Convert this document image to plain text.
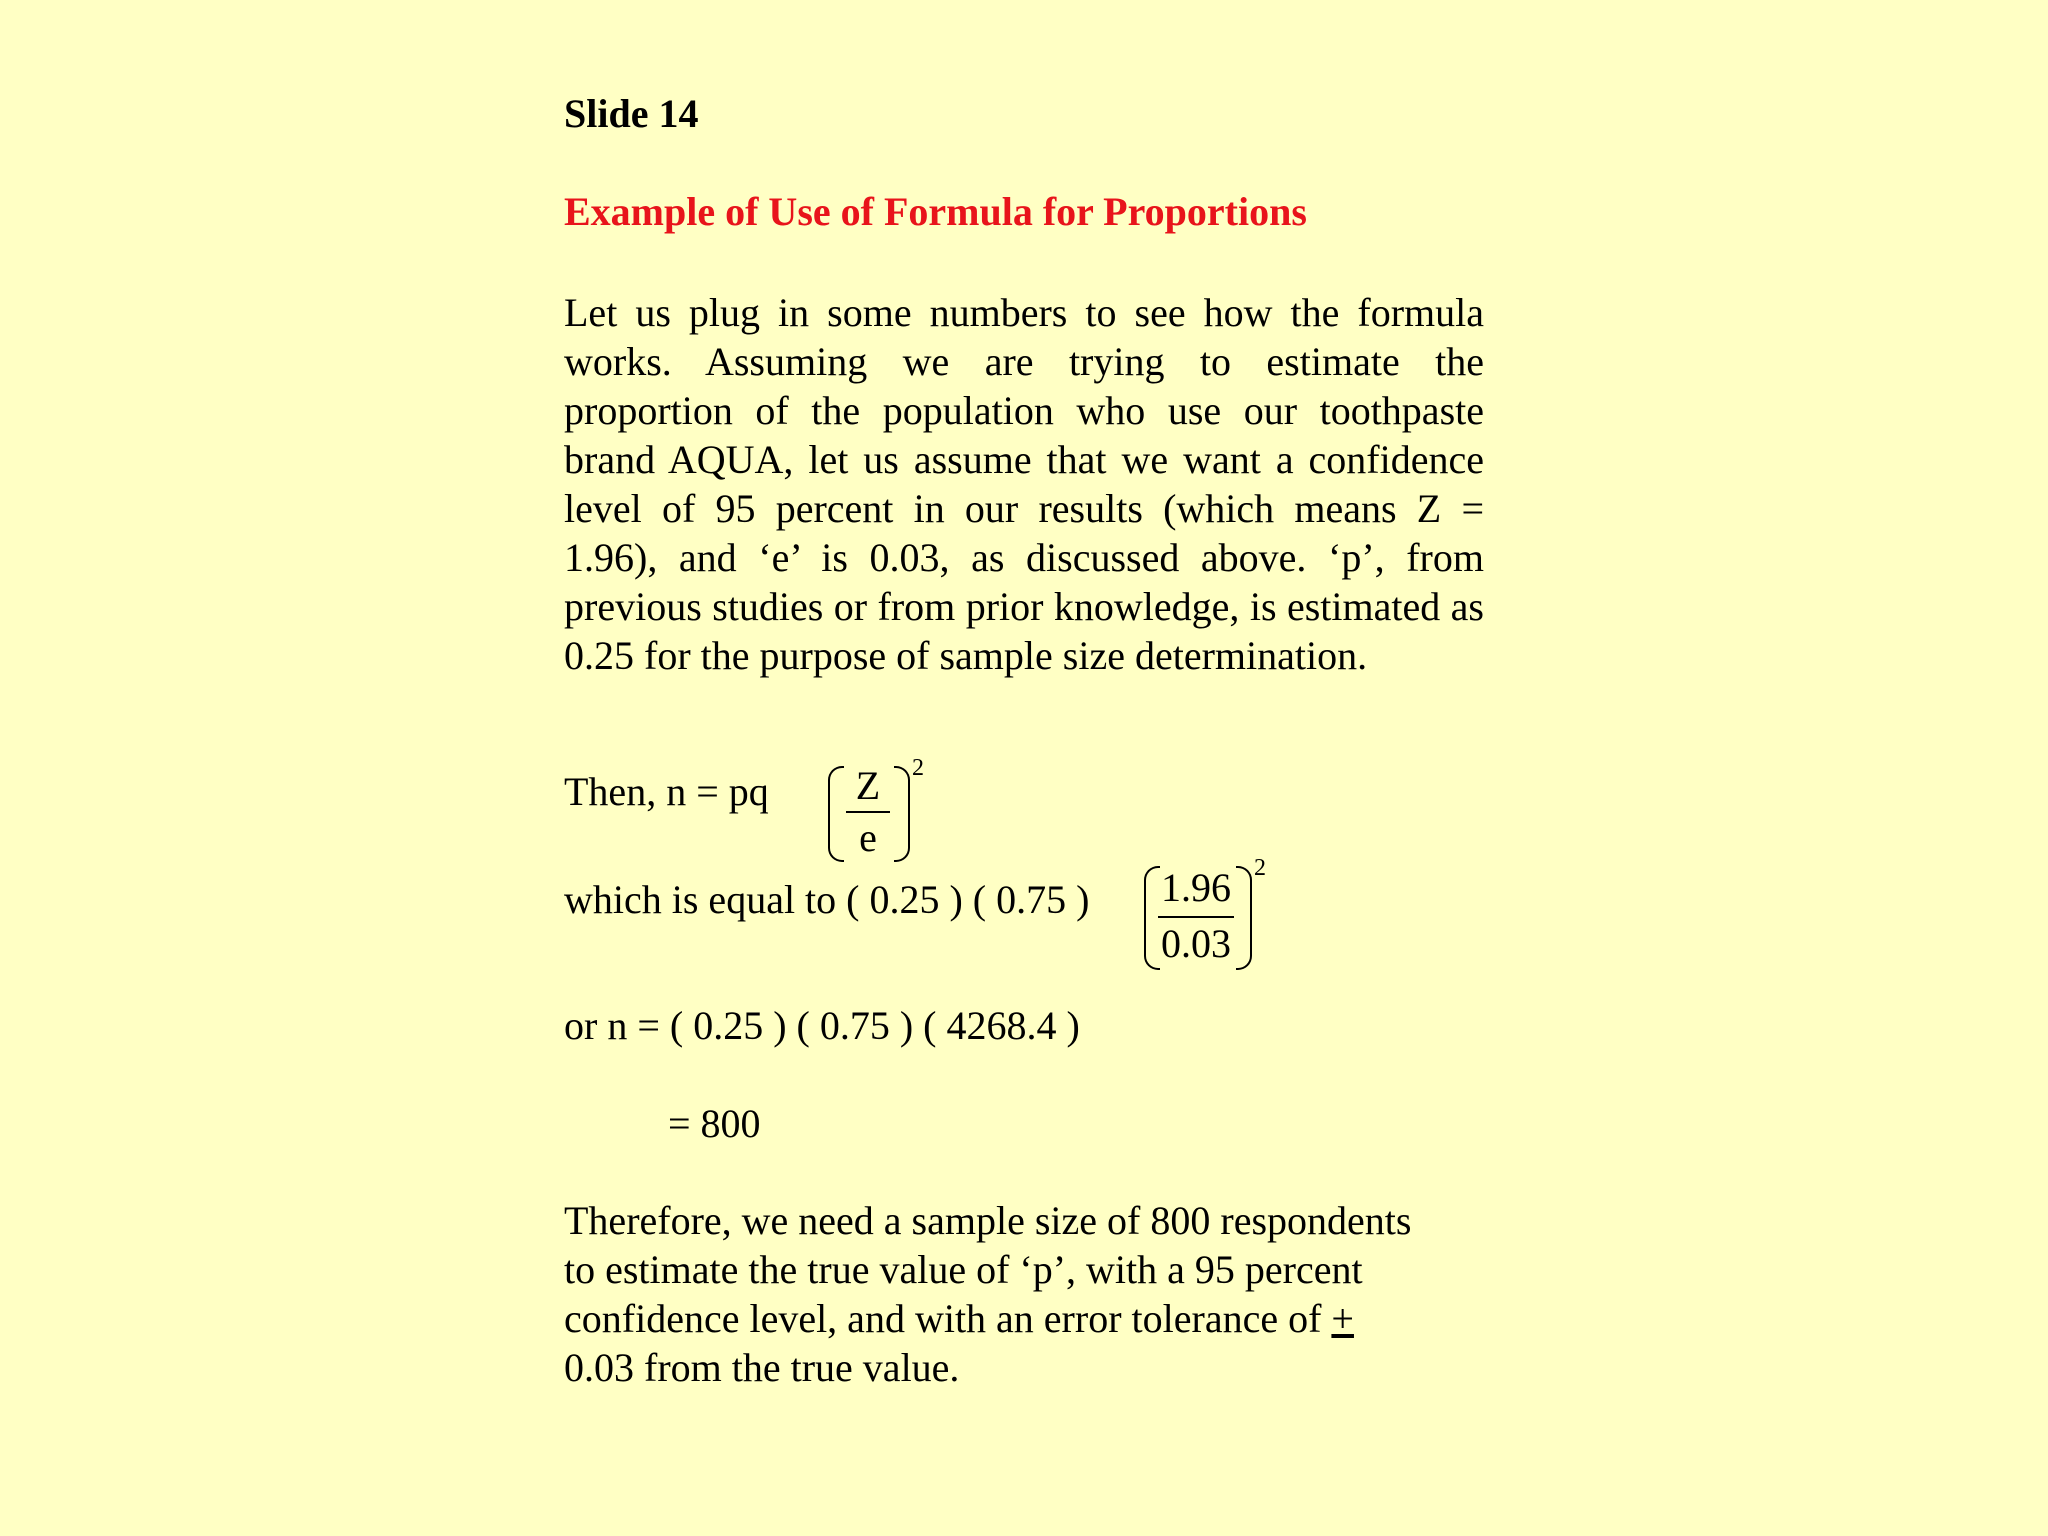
Slide 14
Example of Use of Formula for Proportions

Let us plug in some numbers to see how the formula works. Assuming we are trying to estimate the proportion of the population who use our toothpaste brand AQUA, let us assume that we want a confidence level of 95 percent in our results (which means Z = 1.96), and ‘e’ is 0.03, as discussed above. ‘p’, from previous studies or from prior knowledge, is estimated as 0.25 for the purpose of sample size determination.

Then, n = pq	Z
e
2
which is equal to ( 0.25 ) ( 0.75 ) 1.96
0.03
2
or n = ( 0.25 ) ( 0.75 ) ( 4268.4 )
= 800
Therefore, we need a sample size of 800 respondents
to estimate the true value of ‘p’, with a 95 percent
confidence level, and with an error tolerance of +
0.03 from the true value.
